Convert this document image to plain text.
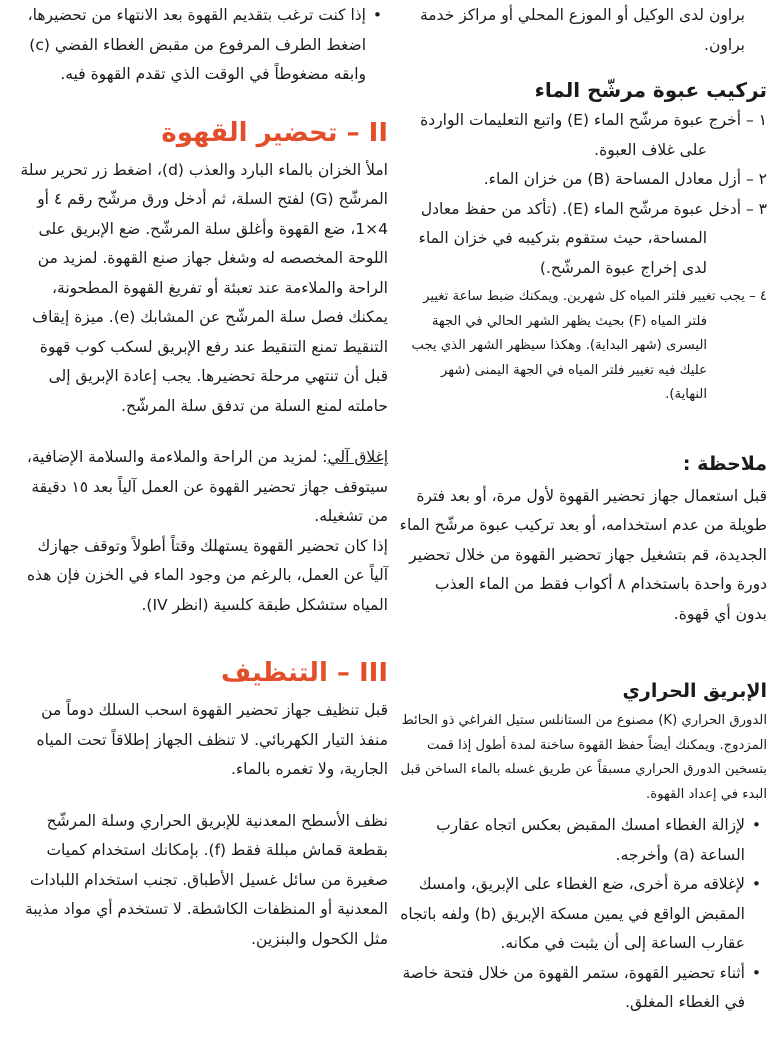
براون لدى الوكيل أو الموزع المحلي أو مراكز خدمة براون.

تركيب عبوة مرشّح الماء
١ – أخرج عبوة مرشّح الماء (E) واتبع التعليمات الواردة على غلاف العبوة.
٢ – أزل معادل المساحة (B) من خزان الماء.
٣ – أدخل عبوة مرشّح الماء (E). (تأكد من حفظ معادل المساحة، حيث ستقوم بتركيبه في خزان الماء لدى إخراج عبوة المرشّح.)
٤ – يجب تغيير فلتر المياه كل شهرين. ويمكنك ضبط ساعة تغيير فلتر المياه (F) بحيث يظهر الشهر الحالي في الجهة اليسرى (شهر البداية). وهكذا سيظهر الشهر الذي يجب عليك فيه تغيير فلتر المياه في الجهة اليمنى (شهر النهاية).
ملاحظة :

قبل استعمال جهاز تحضير القهوة لأول مرة، أو بعد فترة طويلة من عدم استخدامه، أو بعد تركيب عبوة مرشّح الماء الجديدة، قم بتشغيل جهاز تحضير القهوة من خلال تحضير دورة واحدة باستخدام ٨ أكواب فقط من الماء العذب بدون أي قهوة.

الإبريق الحراري

الدورق الحراري (K) مصنوع من الستانلس ستيل الفراغي ذو الحائط المزدوج. ويمكنك أيضاً حفظ القهوة ساخنة لمدة أطول إذا قمت بتسخين الدورق الحراري مسبقاً عن طريق غسله بالماء الساخن قبل البدء في إعداد القهوة.

• لإزالة الغطاء امسك المقبض بعكس اتجاه عقارب الساعة (a) وأخرجه.
• لإغلاقه مرة أخرى، ضع الغطاء على الإبريق، وامسك المقبض الواقع في يمين مسكة الإبريق (b) ولفه باتجاه عقارب الساعة إلى أن يثبت في مكانه.
• أثناء تحضير القهوة، ستمر القهوة من خلال فتحة خاصة في الغطاء المغلق.
• إذا كنت ترغب بتقديم القهوة بعد الانتهاء من تحضيرها، اضغط الطرف المرفوع من مقبض الغطاء الفضي (c) وابقه مضغوطاً في الوقت الذي تقدم القهوة فيه.
II – تحضير القهوة

املأ الخزان بالماء البارد والعذب (d)، اضغط زر تحرير سلة المرشّح (G) لفتح السلة، ثم أدخل ورق مرشّح رقم ٤ أو 4×1، ضع القهوة وأغلق سلة المرشّح. ضع الإبريق على اللوحة المخصصه له وشغل جهاز صنع القهوة. لمزيد من الراحة والملاءمة عند تعبئة أو تفريغ القهوة المطحونة، يمكنك فصل سلة المرشّح عن المشابك (e). ميزة إيقاف التنقيط تمنع التنقيط عند رفع الإبريق لسكب كوب قهوة قبل أن تنتهي مرحلة تحضيرها. يجب إعادة الإبريق إلى حاملته لمنع السلة من تدفق سلة المرشّح.

إغلاق آلي: لمزيد من الراحة والملاءمة والسلامة الإضافية، سيتوقف جهاز تحضير القهوة عن العمل آلياً بعد ١٥ دقيقة من تشغيله.

إذا كان تحضير القهوة يستهلك وقتاً أطولاً وتوقف جهازك آلياً عن العمل، بالرغم من وجود الماء في الخزن فإن هذه المياه ستشكل طبقة كلسية (انظر IV).

III – التنظيف

قبل تنظيف جهاز تحضير القهوة اسحب السلك دوماً من منفذ التيار الكهربائي. لا تنظف الجهاز إطلاقاً تحت المياه الجارية، ولا تغمره بالماء.

نظف الأسطح المعدنية للإبريق الحراري وسلة المرشّح بقطعة قماش مبللة فقط (f). بإمكانك استخدام كميات صغيرة من سائل غسيل الأطباق. تجنب استخدام اللبادات المعدنية أو المنظفات الكاشطة. لا تستخدم أي مواد مذيبة مثل الكحول والبنزين.
